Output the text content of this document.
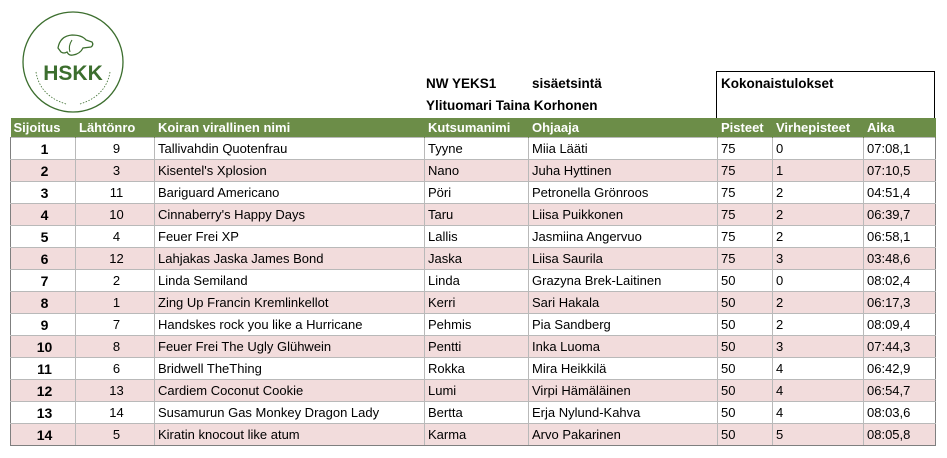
HSKK	NW YEKS1	sisäetsintä
Ylituomari Taina Korhonen
Kokonaistulokset
Sijoitus	Lähtönro	Koiran virallinen nimi	Kutsumanimi	Ohjaaja	Pisteet	Virhepisteet	Aika
1	9	Tallivahdin Quotenfrau	Tyyne	Miia Lääti	75	0	07:08,1
2	3	Kisentel's Xplosion	Nano	Juha Hyttinen	75	1	07:10,5
3	11	Bariguard Americano	Pöri	Petronella Grönroos	75	2	04:51,4
4	10	Cinnaberry's Happy Days	Taru	Liisa Puikkonen	75	2	06:39,7
5	4	Feuer Frei XP	Lallis	Jasmiina Angervuo	75	2	06:58,1
6	12	Lahjakas Jaska James Bond	Jaska	Liisa Saurila	75	3	03:48,6
7	2	Linda Semiland	Linda	Grazyna Brek-Laitinen	50	0	08:02,4
8	1	Zing Up Francin Kremlinkellot	Kerri	Sari Hakala	50	2	06:17,3
9	7	Handskes rock you like a Hurricane	Pehmis	Pia Sandberg	50	2	08:09,4
10	8	Feuer Frei The Ugly Glühwein	Pentti	Inka Luoma	50	3	07:44,3
11	6	Bridwell TheThing	Rokka	Mira Heikkilä	50	4	06:42,9
12	13	Cardiem Coconut Cookie	Lumi	Virpi Hämäläinen	50	4	06:54,7
13	14	Susamurun Gas Monkey Dragon Lady	Bertta	Erja Nylund-Kahva	50	4	08:03,6
14	5	Kiratin knocout like atum	Karma	Arvo Pakarinen	50	5	08:05,8
